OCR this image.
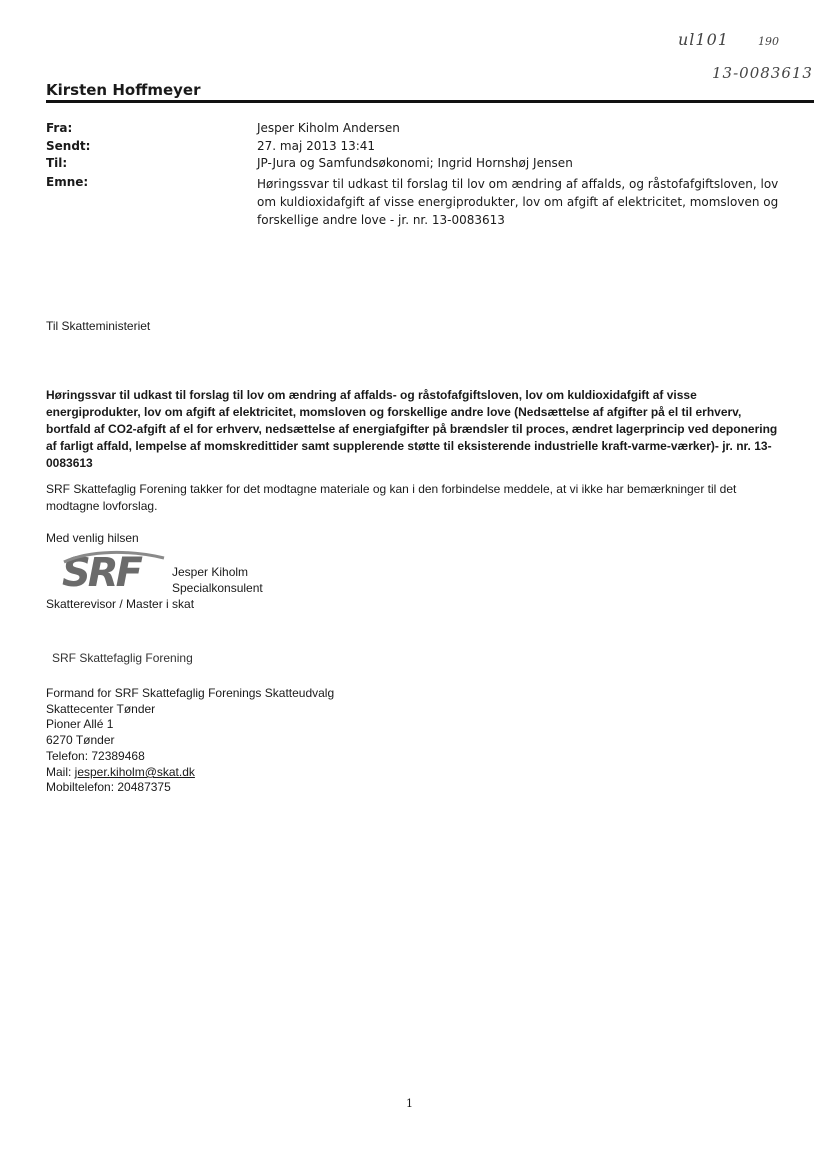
ul101	190
13-0083613
Kirsten Hoffmeyer
Fra:	Jesper Kiholm Andersen
Sendt:	27. maj 2013 13:41
Til:	JP-Jura og Samfundsøkonomi; Ingrid Hornshøj Jensen
Emne:	Høringssvar til udkast til forslag til lov om ændring af affalds, og råstofafgiftsloven, lov om kuldioxidafgift af visse energiprodukter, lov om afgift af elektricitet, momsloven og forskellige andre love - jr. nr. 13-0083613
Til Skatteministeriet
Høringssvar til udkast til forslag til lov om ændring af affalds- og råstofafgiftsloven, lov om kuldioxidafgift af visse energiprodukter, lov om afgift af elektricitet, momsloven og forskellige andre love (Nedsættelse af afgifter på el til erhverv, bortfald af CO2-afgift af el for erhverv, nedsættelse af energiafgifter på brændsler til proces, ændret lagerprincip ved deponering af farligt affald, lempelse af momskredittider samt supplerende støtte til eksisterende industrielle kraft-varme-værker)- jr. nr. 13-0083613
SRF Skattefaglig Forening takker for det modtagne materiale og kan i den forbindelse meddele, at vi ikke har bemærkninger til det modtagne lovforslag.
Med venlig hilsen
SRF	Jesper Kiholm
Specialkonsulent
Skatterevisor / Master i skat
SRF Skattefaglig Forening
Formand for SRF Skattefaglig Forenings Skatteudvalg
Skattecenter Tønder
Pioner Allé 1
6270 Tønder
Telefon: 72389468
Mail: jesper.kiholm@skat.dk
Mobiltelefon: 20487375
1
